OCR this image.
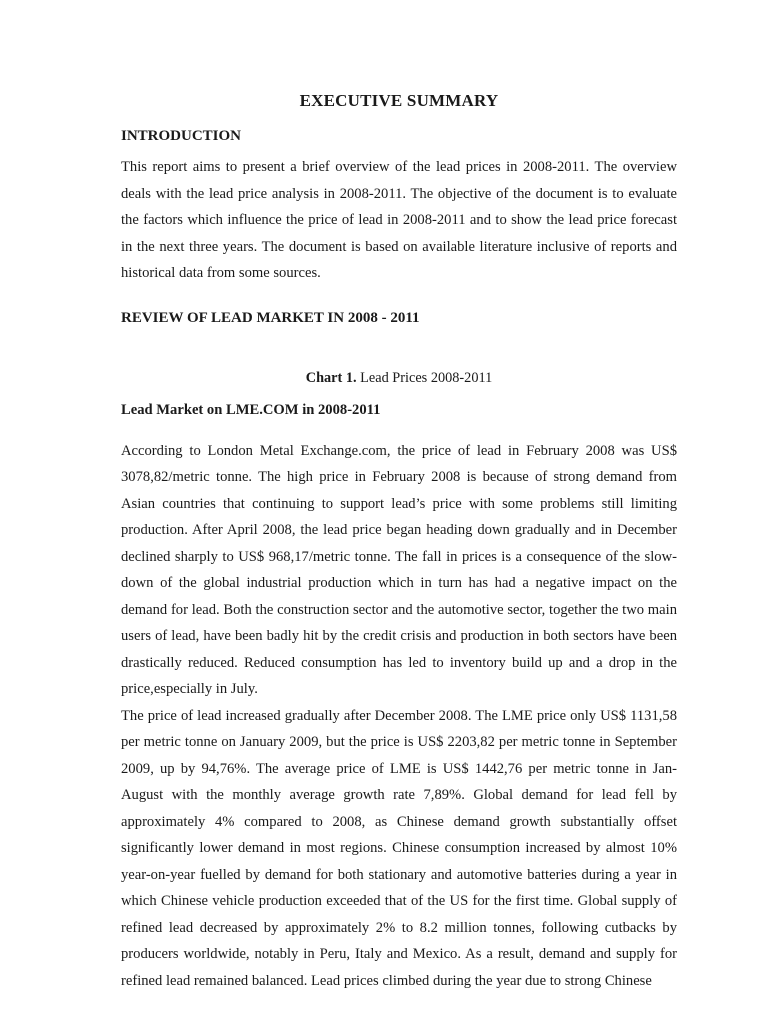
EXECUTIVE SUMMARY
INTRODUCTION

This report aims to present a brief overview of the lead prices in 2008-2011. The overview deals with the lead price analysis in 2008-2011. The objective of the document is to evaluate the factors which influence the price of lead in 2008-2011 and to show the lead price forecast in the next three years. The document is based on available literature inclusive of reports and historical data from some sources.

REVIEW OF LEAD MARKET IN 2008 - 2011

Chart 1. Lead Prices 2008-2011

Lead Market on LME.COM in 2008-2011

According to London Metal Exchange.com, the price of lead in February 2008 was US$ 3078,82/metric tonne. The high price in February 2008 is because of strong demand from Asian countries that continuing to support lead’s price with some problems still limiting production. After April 2008, the lead price began heading down gradually and in December declined sharply to US$ 968,17/metric tonne. The fall in prices is a consequence of the slow-down of the global industrial production which in turn has had a negative impact on the demand for lead. Both the construction sector and the automotive sector, together the two main users of lead, have been badly hit by the credit crisis and production in both sectors have been drastically reduced. Reduced consumption has led to inventory build up and a drop in the price,especially in July.

The price of lead increased gradually after December 2008. The LME price only US$ 1131,58 per metric tonne on January 2009, but the price is US$ 2203,82 per metric tonne in September 2009, up by 94,76%. The average price of LME is US$ 1442,76 per metric tonne in Jan-August with the monthly average growth rate 7,89%. Global demand for lead fell by approximately 4% compared to 2008, as Chinese demand growth substantially offset significantly lower demand in most regions. Chinese consumption increased by almost 10% year-on-year fuelled by demand for both stationary and automotive batteries during a year in which Chinese vehicle production exceeded that of the US for the first time. Global supply of refined lead decreased by approximately 2% to 8.2 million tonnes, following cutbacks by producers worldwide, notably in Peru, Italy and Mexico. As a result, demand and supply for refined lead remained balanced. Lead prices climbed during the year due to strong Chinese
